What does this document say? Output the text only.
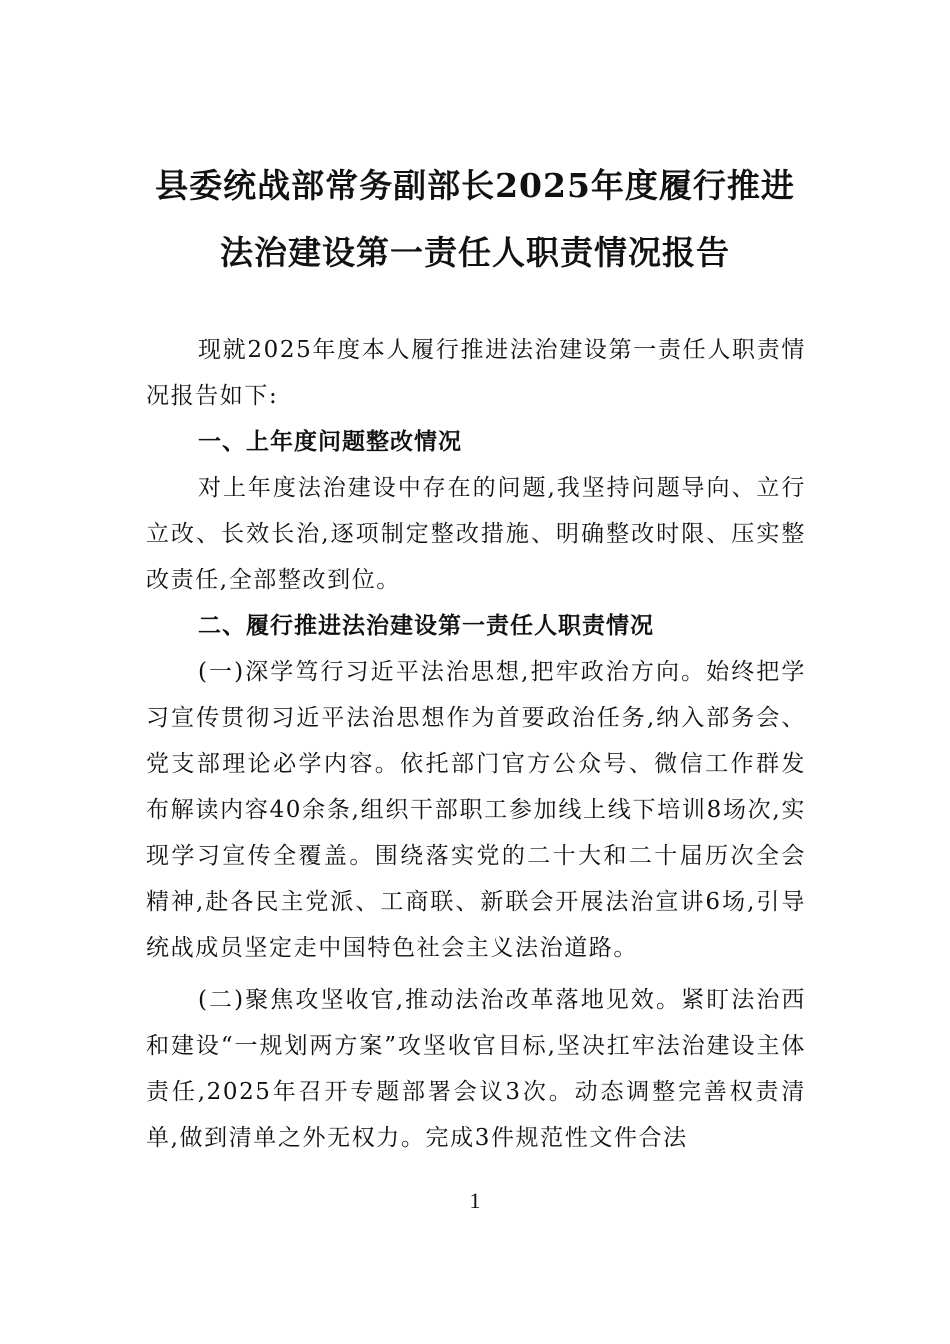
县委统战部常务副部长2025年度履行推进
法治建设第一责任人职责情况报告

现就2025年度本人履行推进法治建设第一责任人职责情况报告如下:

一、上年度问题整改情况

对上年度法治建设中存在的问题,我坚持问题导向、立行立改、长效长治,逐项制定整改措施、明确整改时限、压实整改责任,全部整改到位。

二、履行推进法治建设第一责任人职责情况

(一)深学笃行习近平法治思想,把牢政治方向。始终把学习宣传贯彻习近平法治思想作为首要政治任务,纳入部务会、党支部理论必学内容。依托部门官方公众号、微信工作群发布解读内容40余条,组织干部职工参加线上线下培训8场次,实现学习宣传全覆盖。围绕落实党的二十大和二十届历次全会精神,赴各民主党派、工商联、新联会开展法治宣讲6场,引导统战成员坚定走中国特色社会主义法治道路。

(二)聚焦攻坚收官,推动法治改革落地见效。紧盯法治西和建设“一规划两方案”攻坚收官目标,坚决扛牢法治建设主体责任,2025年召开专题部署会议3次。动态调整完善权责清单,做到清单之外无权力。完成3件规范性文件合法

1
